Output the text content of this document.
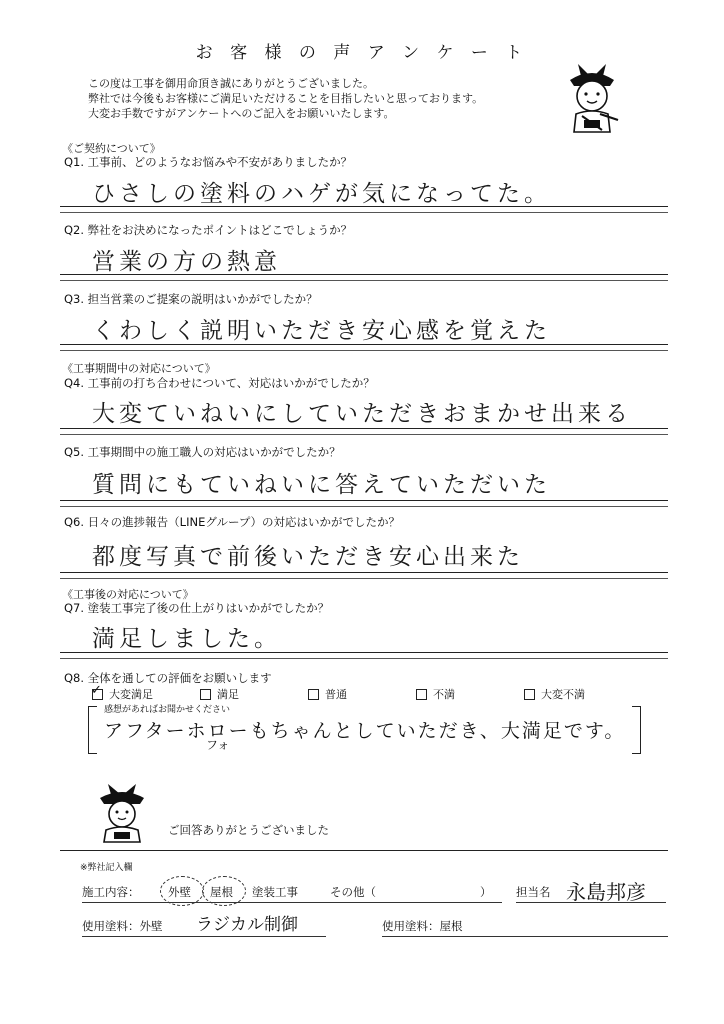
お 客 様 の 声 ア ン ケ ー ト
この度は工事を御用命頂き誠にありがとうございました。
弊社では今後もお客様にご満足いただけることを目指したいと思っております。
大変お手数ですがアンケートへのご記入をお願いいたします。
《ご契約について》
Q1. 工事前、どのようなお悩みや不安がありましたか？
ひさしの塗料のハゲが気になってた。
Q2. 弊社をお決めになったポイントはどこでしょうか？
営業の方の熱意
Q3. 担当営業のご提案の説明はいかがでしたか？
くわしく説明いただき安心感を覚えた
《工事期間中の対応について》
Q4. 工事前の打ち合わせについて、対応はいかがでしたか？
大変ていねいにしていただきおまかせ出来る
Q5. 工事期間中の施工職人の対応はいかがでしたか？
質問にもていねいに答えていただいた
Q6. 日々の進捗報告（LINEグループ）の対応はいかがでしたか？
都度写真で前後いただき安心出来た
《工事後の対応について》
Q7. 塗装工事完了後の仕上がりはいかがでしたか？
満足しました。
Q8. 全体を通しての評価をお願いします
✓ 大変満足	満足	普通	不満	大変不満
感想があればお聞かせください
アフターホローもちゃんとしていただき、大満足です。
フォ
ご回答ありがとうございました
※弊社記入欄
施工内容： 外壁 屋根 塗装工事	その他（	） 担当名 永島邦彦
使用塗料：外壁 ラジカル制御	使用塗料：屋根
